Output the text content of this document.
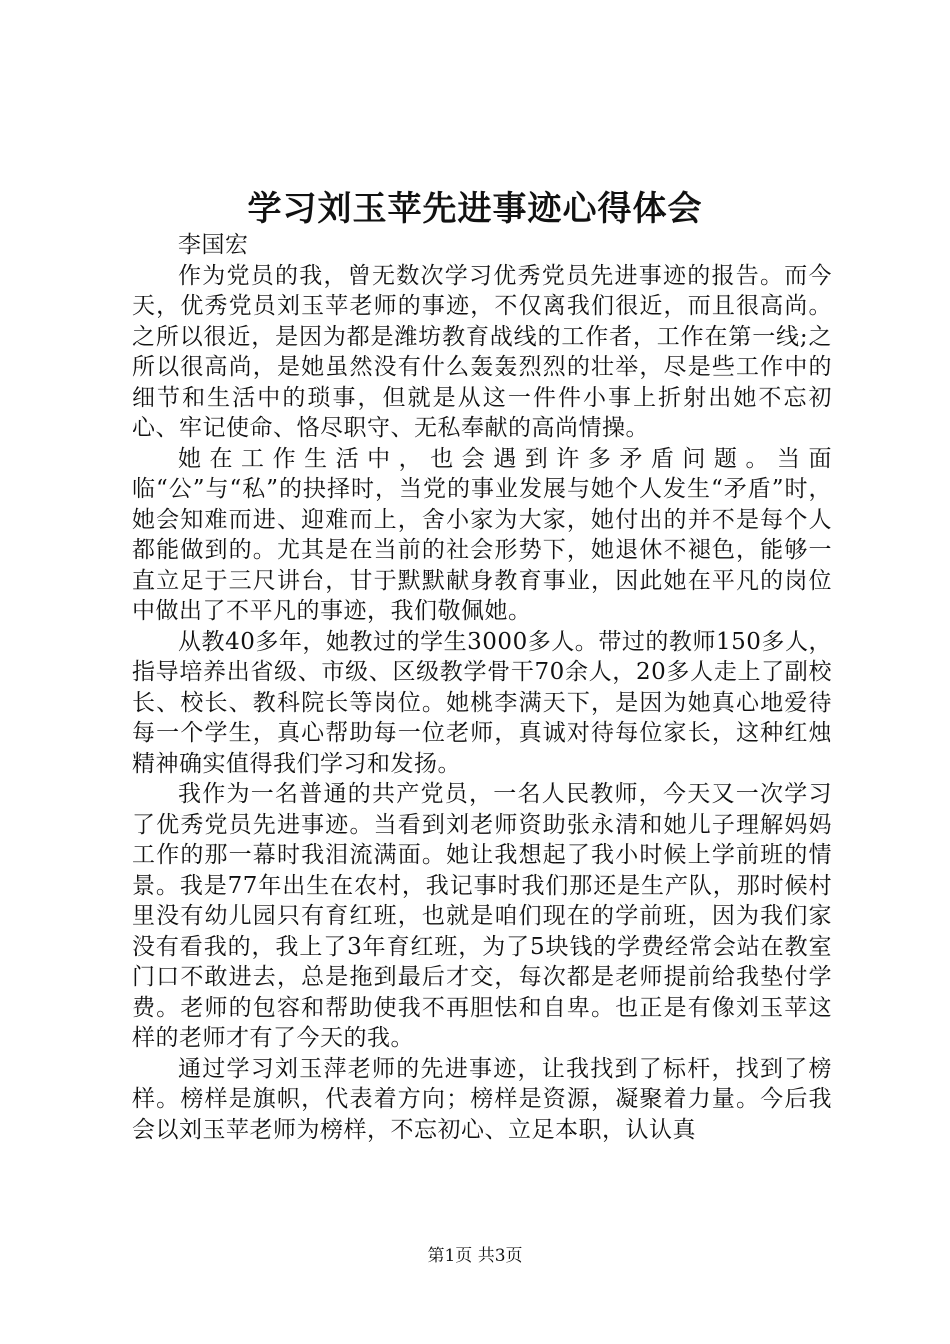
学习刘玉苹先进事迹心得体会
李国宏

作为党员的我，曾无数次学习优秀党员先进事迹的报告。而今天，优秀党员刘玉苹老师的事迹，不仅离我们很近，而且很高尚。之所以很近，是因为都是潍坊教育战线的工作者，工作在第一线;之所以很高尚，是她虽然没有什么轰轰烈烈的壮举，尽是些工作中的细节和生活中的琐事，但就是从这一件件小事上折射出她不忘初心、牢记使命、恪尽职守、无私奉献的高尚情操。

她在工作生活中，也会遇到许多矛盾问题。当面临“公”与“私”的抉择时，当党的事业发展与她个人发生“矛盾”时，她会知难而进、迎难而上，舍小家为大家，她付出的并不是每个人都能做到的。尤其是在当前的社会形势下，她退休不褪色，能够一直立足于三尺讲台，甘于默默献身教育事业，因此她在平凡的岗位中做出了不平凡的事迹，我们敬佩她。

从教40多年，她教过的学生3000多人。带过的教师150多人，指导培养出省级、市级、区级教学骨干70余人，20多人走上了副校长、校长、教科院长等岗位。她桃李满天下，是因为她真心地爱待每一个学生，真心帮助每一位老师，真诚对待每位家长，这种红烛精神确实值得我们学习和发扬。

我作为一名普通的共产党员，一名人民教师，今天又一次学习了优秀党员先进事迹。当看到刘老师资助张永清和她儿子理解妈妈工作的那一幕时我泪流满面。她让我想起了我小时候上学前班的情景。我是77年出生在农村，我记事时我们那还是生产队，那时候村里没有幼儿园只有育红班，也就是咱们现在的学前班，因为我们家没有看我的，我上了3年育红班，为了5块钱的学费经常会站在教室门口不敢进去，总是拖到最后才交，每次都是老师提前给我垫付学费。老师的包容和帮助使我不再胆怯和自卑。也正是有像刘玉苹这样的老师才有了今天的我。

通过学习刘玉萍老师的先进事迹，让我找到了标杆，找到了榜样。榜样是旗帜，代表着方向；榜样是资源，凝聚着力量。今后我会以刘玉苹老师为榜样，不忘初心、立足本职，认认真

第1页 共3页
